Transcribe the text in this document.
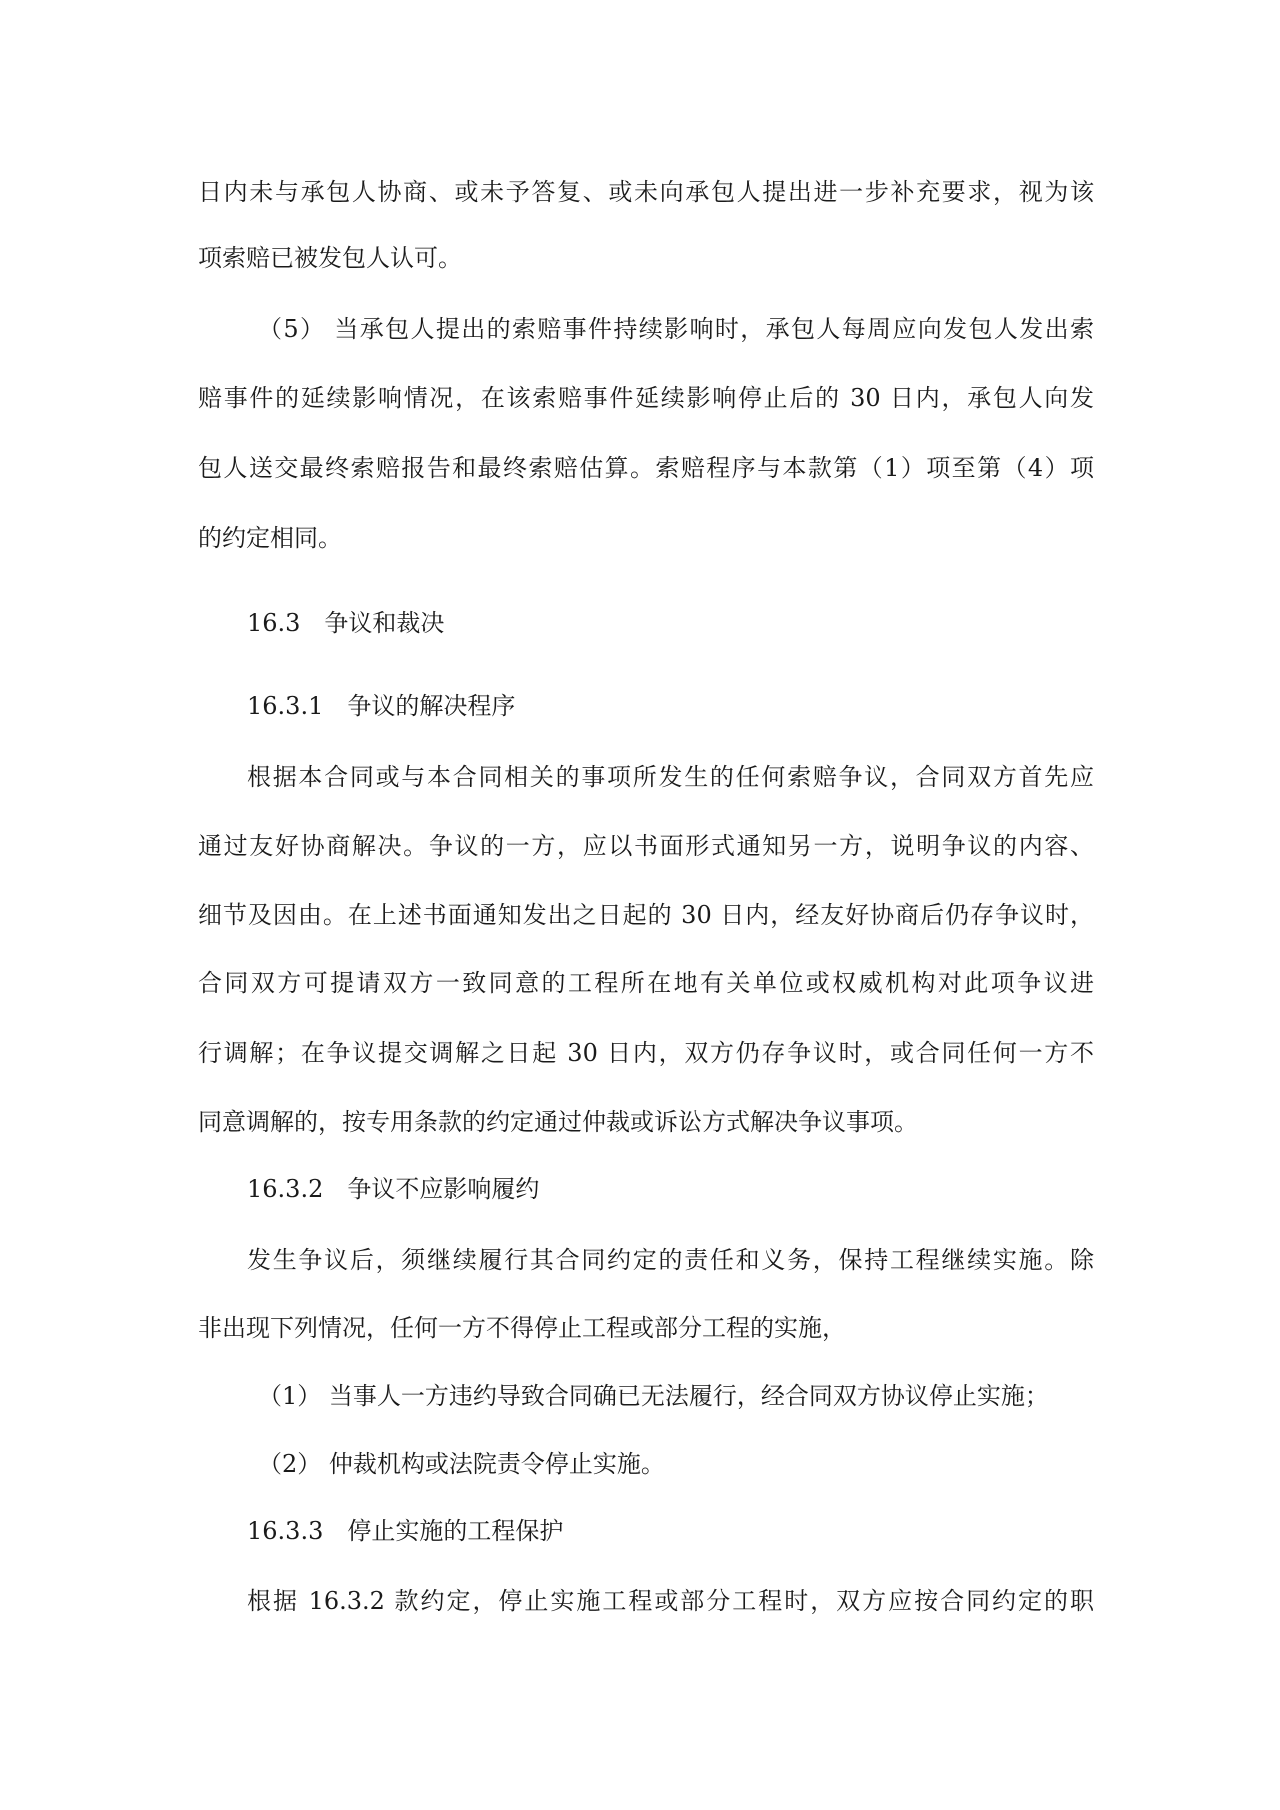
日内未与承包人协商、或未予答复、或未向承包人提出进一步补充要求，视为该
项索赔已被发包人认可。
（5） 当承包人提出的索赔事件持续影响时，承包人每周应向发包人发出索
赔事件的延续影响情况，在该索赔事件延续影响停止后的 30 日内，承包人向发
包人送交最终索赔报告和最终索赔估算。索赔程序与本款第（1）项至第（4）项
的约定相同。
16.3　争议和裁决
16.3.1　争议的解决程序
根据本合同或与本合同相关的事项所发生的任何索赔争议，合同双方首先应
通过友好协商解决。争议的一方，应以书面形式通知另一方，说明争议的内容、
细节及因由。在上述书面通知发出之日起的 30 日内，经友好协商后仍存争议时，
合同双方可提请双方一致同意的工程所在地有关单位或权威机构对此项争议进
行调解；在争议提交调解之日起 30 日内，双方仍存争议时，或合同任何一方不
同意调解的，按专用条款的约定通过仲裁或诉讼方式解决争议事项。
16.3.2　争议不应影响履约
发生争议后，须继续履行其合同约定的责任和义务，保持工程继续实施。除
非出现下列情况，任何一方不得停止工程或部分工程的实施，
（1） 当事人一方违约导致合同确已无法履行，经合同双方协议停止实施；
（2） 仲裁机构或法院责令停止实施。
16.3.3　停止实施的工程保护
根据 16.3.2 款约定，停止实施工程或部分工程时，双方应按合同约定的职
